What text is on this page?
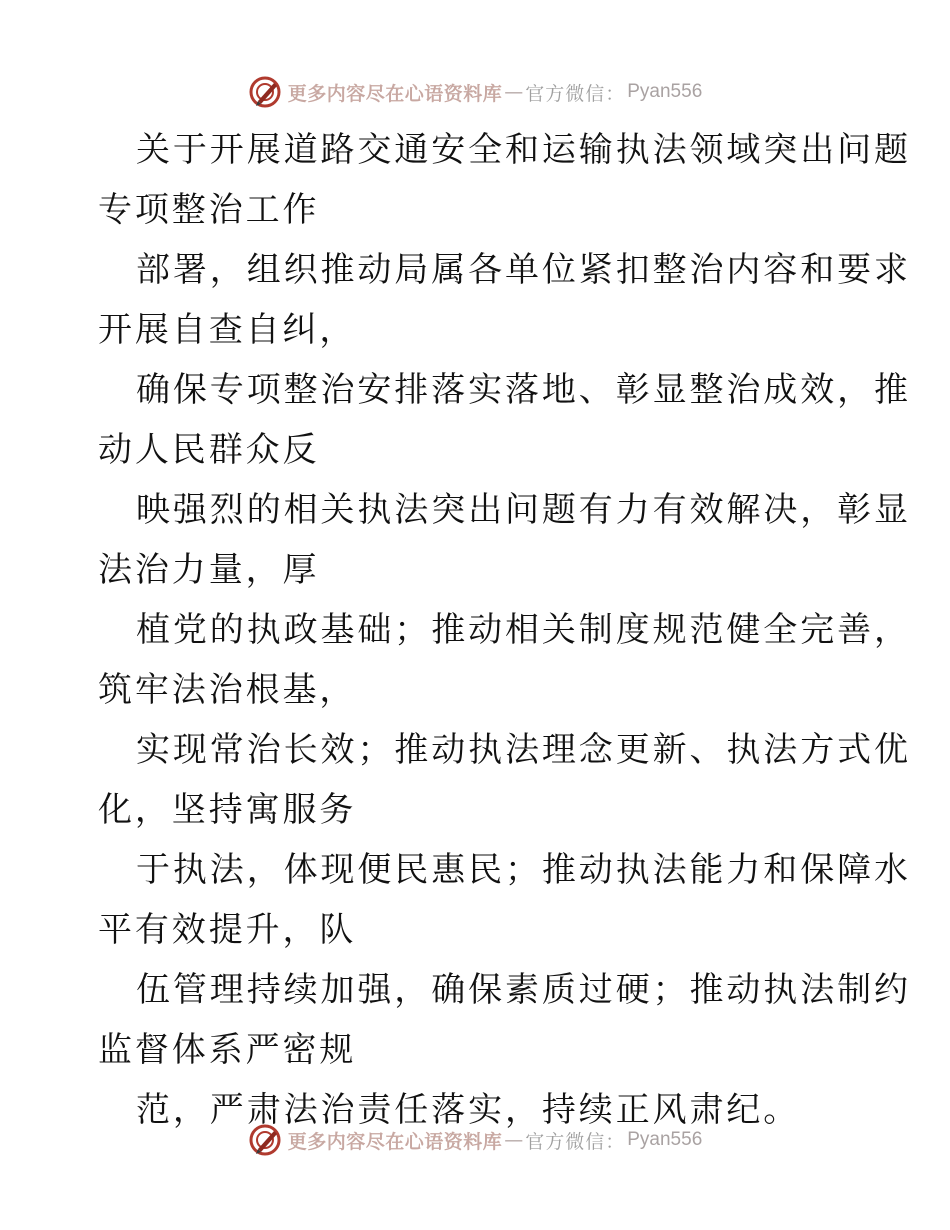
更多内容尽在心语资料库 — 官方微信： Pyan556
关于开展道路交通安全和运输执法领域突出问题
专项整治工作
部署，组织推动局属各单位紧扣整治内容和要求
开展自查自纠，
确保专项整治安排落实落地、彰显整治成效，推
动人民群众反
映强烈的相关执法突出问题有力有效解决，彰显
法治力量，厚
植党的执政基础；推动相关制度规范健全完善，
筑牢法治根基，
实现常治长效；推动执法理念更新、执法方式优
化，坚持寓服务
于执法，体现便民惠民；推动执法能力和保障水
平有效提升，队
伍管理持续加强，确保素质过硬；推动执法制约
监督体系严密规
范，严肃法治责任落实，持续正风肃纪。
更多内容尽在心语资料库 — 官方微信： Pyan556
